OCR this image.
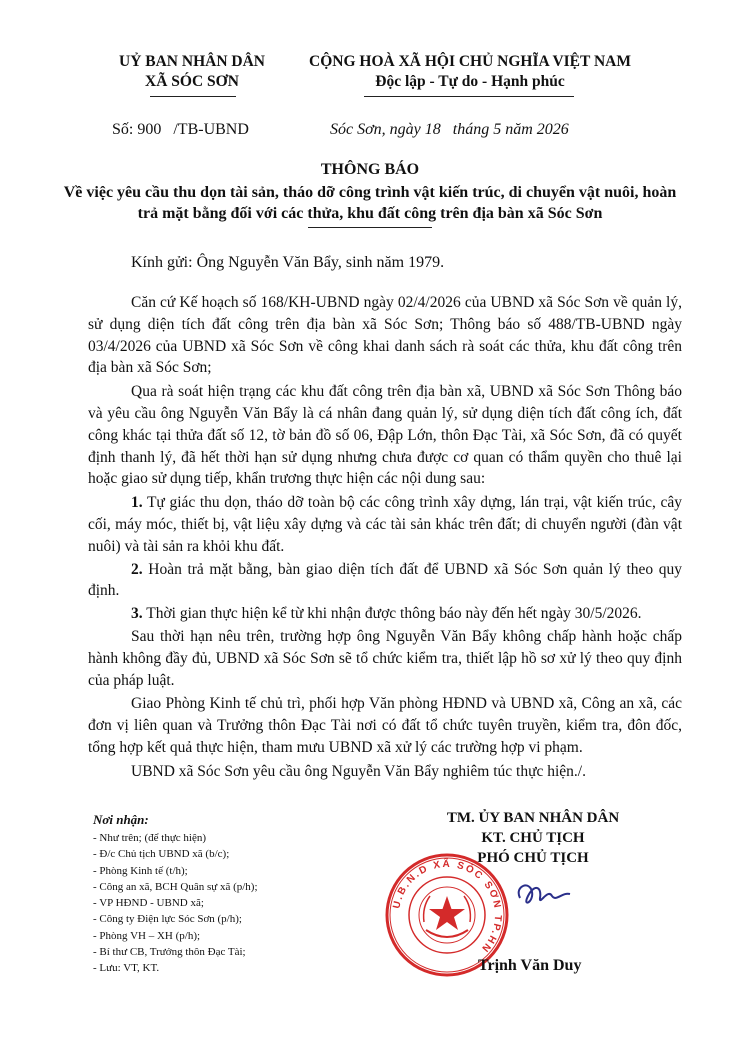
UỶ BAN NHÂN DÂN
XÃ SÓC SƠN
CỘNG HOÀ XÃ HỘI CHỦ NGHĨA VIỆT NAM
Độc lập - Tự do - Hạnh phúc
Số: 900   /TB-UBND	Sóc Sơn, ngày 18   tháng 5 năm 2026
THÔNG BÁO
Về việc yêu cầu thu dọn tài sản, tháo dỡ công trình vật kiến trúc, di chuyển vật nuôi, hoàn trả mặt bằng đối với các thửa, khu đất công trên địa bàn xã Sóc Sơn
Kính gửi: Ông Nguyễn Văn Bẩy, sinh năm 1979.

Căn cứ Kế hoạch số 168/KH-UBND ngày 02/4/2026 của UBND xã Sóc Sơn về quản lý, sử dụng diện tích đất công trên địa bàn xã Sóc Sơn; Thông báo số 488/TB-UBND ngày 03/4/2026 của UBND xã Sóc Sơn về công khai danh sách rà soát các thửa, khu đất công trên địa bàn xã Sóc Sơn;

Qua rà soát hiện trạng các khu đất công trên địa bàn xã, UBND xã Sóc Sơn Thông báo và yêu cầu ông Nguyễn Văn Bẩy là cá nhân đang quản lý, sử dụng diện tích đất công ích, đất công khác tại thửa đất số 12, tờ bản đồ số 06, Đập Lớn, thôn Đạc Tài, xã Sóc Sơn, đã có quyết định thanh lý, đã hết thời hạn sử dụng nhưng chưa được cơ quan có thẩm quyền cho thuê lại hoặc giao sử dụng tiếp, khẩn trương thực hiện các nội dung sau:

1. Tự giác thu dọn, tháo dỡ toàn bộ các công trình xây dựng, lán trại, vật kiến trúc, cây cối, máy móc, thiết bị, vật liệu xây dựng và các tài sản khác trên đất; di chuyển người (đàn vật nuôi) và tài sản ra khỏi khu đất.

2. Hoàn trả mặt bằng, bàn giao diện tích đất để UBND xã Sóc Sơn quản lý theo quy định.

3. Thời gian thực hiện kể từ khi nhận được thông báo này đến hết ngày 30/5/2026.

Sau thời hạn nêu trên, trường hợp ông Nguyễn Văn Bẩy không chấp hành hoặc chấp hành không đầy đủ, UBND xã Sóc Sơn sẽ tổ chức kiểm tra, thiết lập hồ sơ xử lý theo quy định của pháp luật.

Giao Phòng Kinh tế chủ trì, phối hợp Văn phòng HĐND và UBND xã, Công an xã, các đơn vị liên quan và Trưởng thôn Đạc Tài nơi có đất tổ chức tuyên truyền, kiểm tra, đôn đốc, tổng hợp kết quả thực hiện, tham mưu UBND xã xử lý các trường hợp vi phạm.

UBND xã Sóc Sơn yêu cầu ông Nguyễn Văn Bẩy nghiêm túc thực hiện./.

Nơi nhận:
- Như trên; (để thực hiện)
- Đ/c Chủ tịch UBND xã (b/c);
- Phòng Kinh tế (t/h);
- Công an xã, BCH Quân sự xã (p/h);
- VP HĐND - UBND xã;
- Công ty Điện lực Sóc Sơn (p/h);
- Phòng VH – XH (p/h);
- Bí thư CB, Trưởng thôn Đạc Tài;
- Lưu: VT, KT.
TM. ỦY BAN NHÂN DÂN
KT. CHỦ TỊCH
PHÓ CHỦ TỊCH
U.B.N.D XÃ SÓC SƠN TP.HN
Trịnh Văn Duy
